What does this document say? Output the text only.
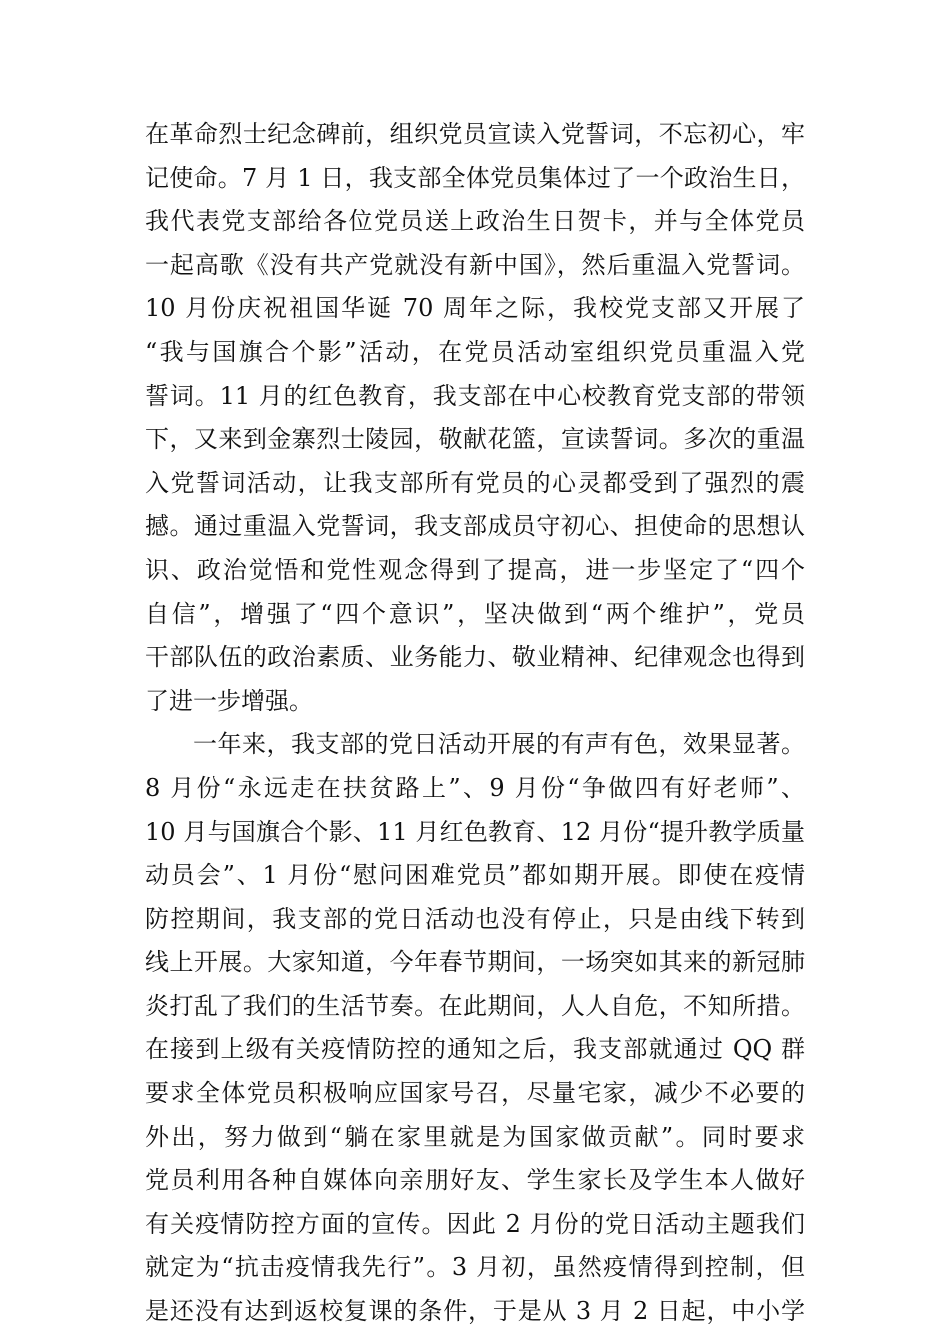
在革命烈士纪念碑前，组织党员宣读入党誓词，不忘初心，牢
记使命。7 月 1 日，我支部全体党员集体过了一个政治生日，
我代表党支部给各位党员送上政治生日贺卡，并与全体党员
一起高歌《没有共产党就没有新中国》，然后重温入党誓词。
10 月份庆祝祖国华诞 70 周年之际，我校党支部又开展了
“我与国旗合个影”活动，在党员活动室组织党员重温入党
誓词。11 月的红色教育，我支部在中心校教育党支部的带领
下，又来到金寨烈士陵园，敬献花篮，宣读誓词。多次的重温
入党誓词活动，让我支部所有党员的心灵都受到了强烈的震
撼。通过重温入党誓词，我支部成员守初心、担使命的思想认
识、政治觉悟和党性观念得到了提高，进一步坚定了“四个
自信”，增强了“四个意识”，坚决做到“两个维护”，党员
干部队伍的政治素质、业务能力、敬业精神、纪律观念也得到
了进一步增强。

一年来，我支部的党日活动开展的有声有色，效果显著。
8 月份“永远走在扶贫路上”、9 月份“争做四有好老师”、
10 月与国旗合个影、11 月红色教育、12 月份“提升教学质量
动员会”、1 月份“慰问困难党员”都如期开展。即使在疫情
防控期间，我支部的党日活动也没有停止，只是由线下转到
线上开展。大家知道，今年春节期间，一场突如其来的新冠肺
炎打乱了我们的生活节奏。在此期间，人人自危，不知所措。
在接到上级有关疫情防控的通知之后，我支部就通过 QQ 群
要求全体党员积极响应国家号召，尽量宅家，减少不必要的
外出，努力做到“躺在家里就是为国家做贡献”。同时要求
党员利用各种自媒体向亲朋好友、学生家长及学生本人做好
有关疫情防控方面的宣传。因此 2 月份的党日活动主题我们
就定为“抗击疫情我先行”。3 月初，虽然疫情得到控制，但
是还没有达到返校复课的条件，于是从 3 月 2 日起，中小学
